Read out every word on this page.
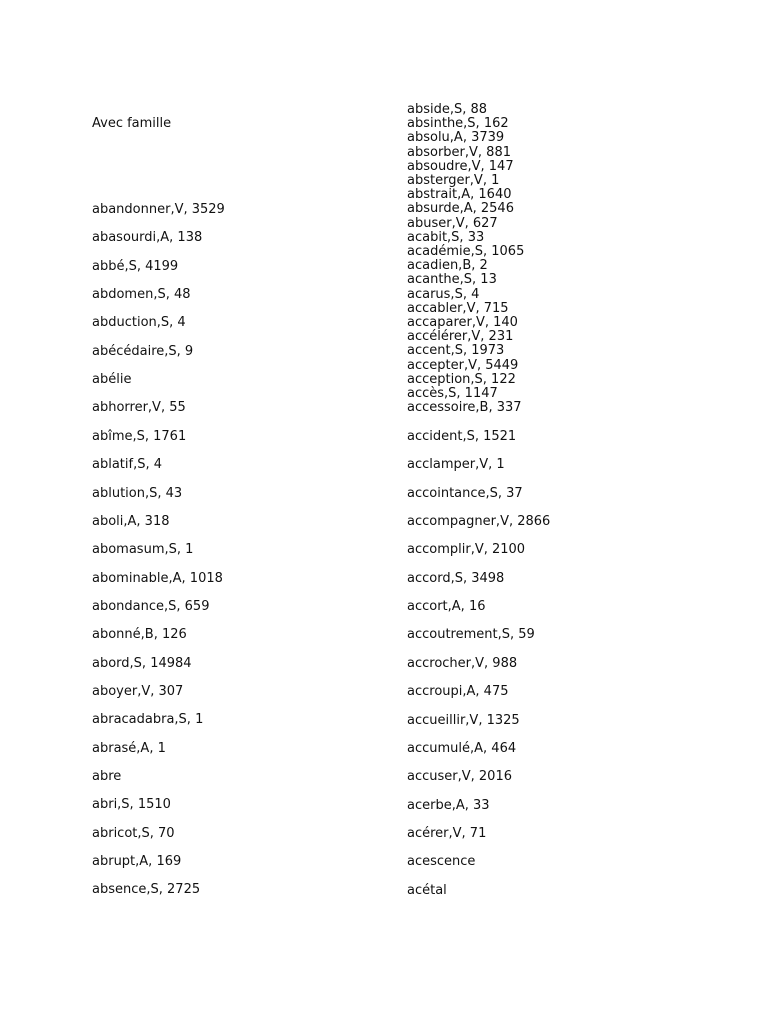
Avec famille
abandonner,V, 3529
abasourdi,A, 138
abbé,S, 4199
abdomen,S, 48
abduction,S, 4
abécédaire,S, 9
abélie
abhorrer,V, 55
abîme,S, 1761
ablatif,S, 4
ablution,S, 43
aboli,A, 318
abomasum,S, 1
abominable,A, 1018
abondance,S, 659
abonné,B, 126
abord,S, 14984
aboyer,V, 307
abracadabra,S, 1
abrasé,A, 1
abre
abri,S, 1510
abricot,S, 70
abrupt,A, 169
absence,S, 2725
abside,S, 88
absinthe,S, 162
absolu,A, 3739
absorber,V, 881
absoudre,V, 147
absterger,V, 1
abstrait,A, 1640
absurde,A, 2546
abuser,V, 627
acabit,S, 33
académie,S, 1065
acadien,B, 2
acanthe,S, 13
acarus,S, 4
accabler,V, 715
accaparer,V, 140
accélérer,V, 231
accent,S, 1973
accepter,V, 5449
acception,S, 122
accès,S, 1147
accessoire,B, 337
accident,S, 1521
acclamper,V, 1
accointance,S, 37
accompagner,V, 2866
accomplir,V, 2100
accord,S, 3498
accort,A, 16
accoutrement,S, 59
accrocher,V, 988
accroupi,A, 475
accueillir,V, 1325
accumulé,A, 464
accuser,V, 2016
acerbe,A, 33
acérer,V, 71
acescence
acétal
